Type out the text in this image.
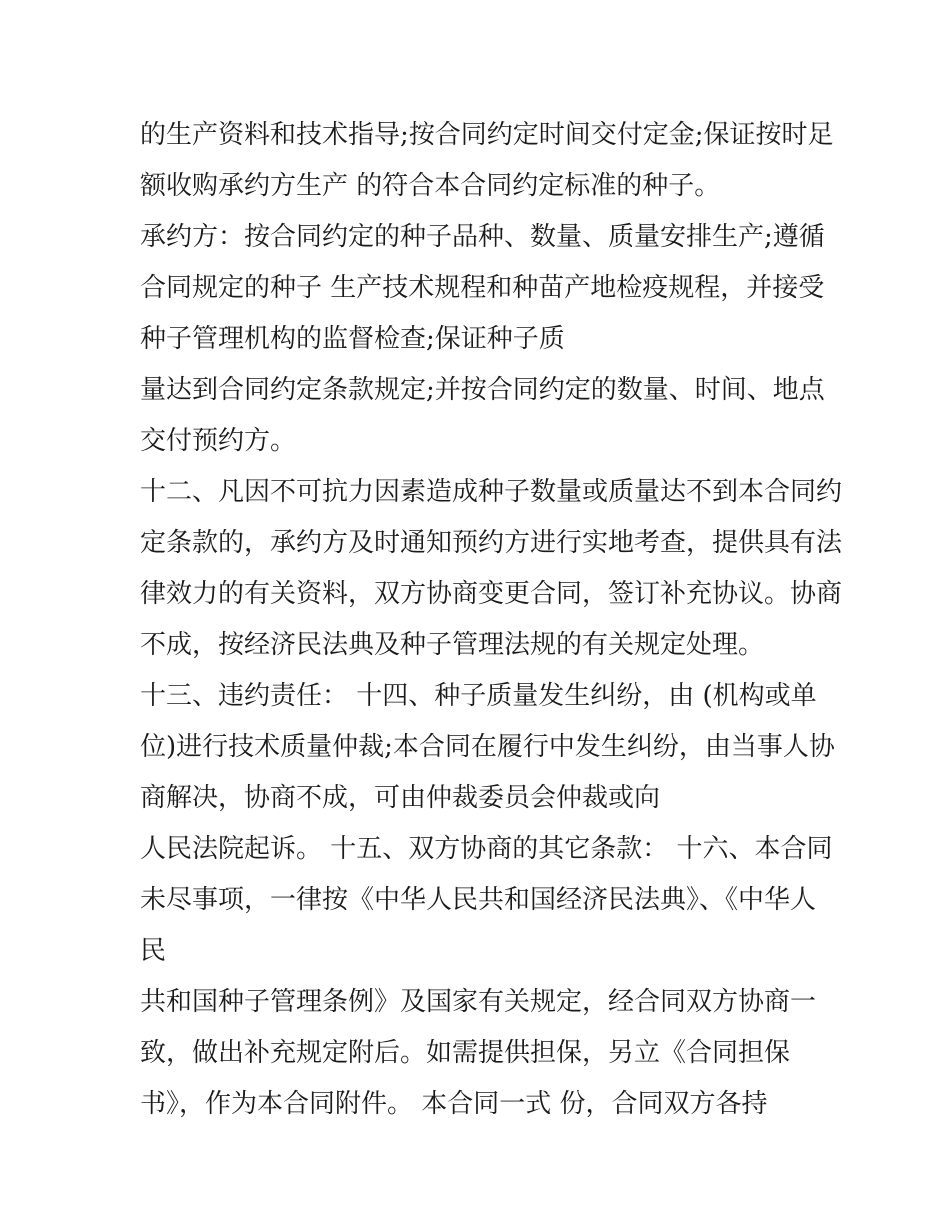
的生产资料和技术指导;按合同约定时间交付定金;保证按时足
额收购承约方生产 的符合本合同约定标准的种子。
承约方：按合同约定的种子品种、数量、质量安排生产;遵循
合同规定的种子 生产技术规程和种苗产地检疫规程，并接受
种子管理机构的监督检查;保证种子质
量达到合同约定条款规定;并按合同约定的数量、时间、地点
交付预约方。
十二、凡因不可抗力因素造成种子数量或质量达不到本合同约
定条款的，承约方及时通知预约方进行实地考查，提供具有法
律效力的有关资料，双方协商变更合同，签订补充协议。协商
不成，按经济民法典及种子管理法规的有关规定处理。
十三、违约责任： 十四、种子质量发生纠纷，由 (机构或单
位)进行技术质量仲裁;本合同在履行中发生纠纷，由当事人协
商解决，协商不成，可由仲裁委员会仲裁或向
人民法院起诉。 十五、双方协商的其它条款： 十六、本合同
未尽事项，一律按《中华人民共和国经济民法典》、《中华人
民
共和国种子管理条例》及国家有关规定，经合同双方协商一
致，做出补充规定附后。如需提供担保，另立《合同担保
书》，作为本合同附件。 本合同一式 份，合同双方各持
